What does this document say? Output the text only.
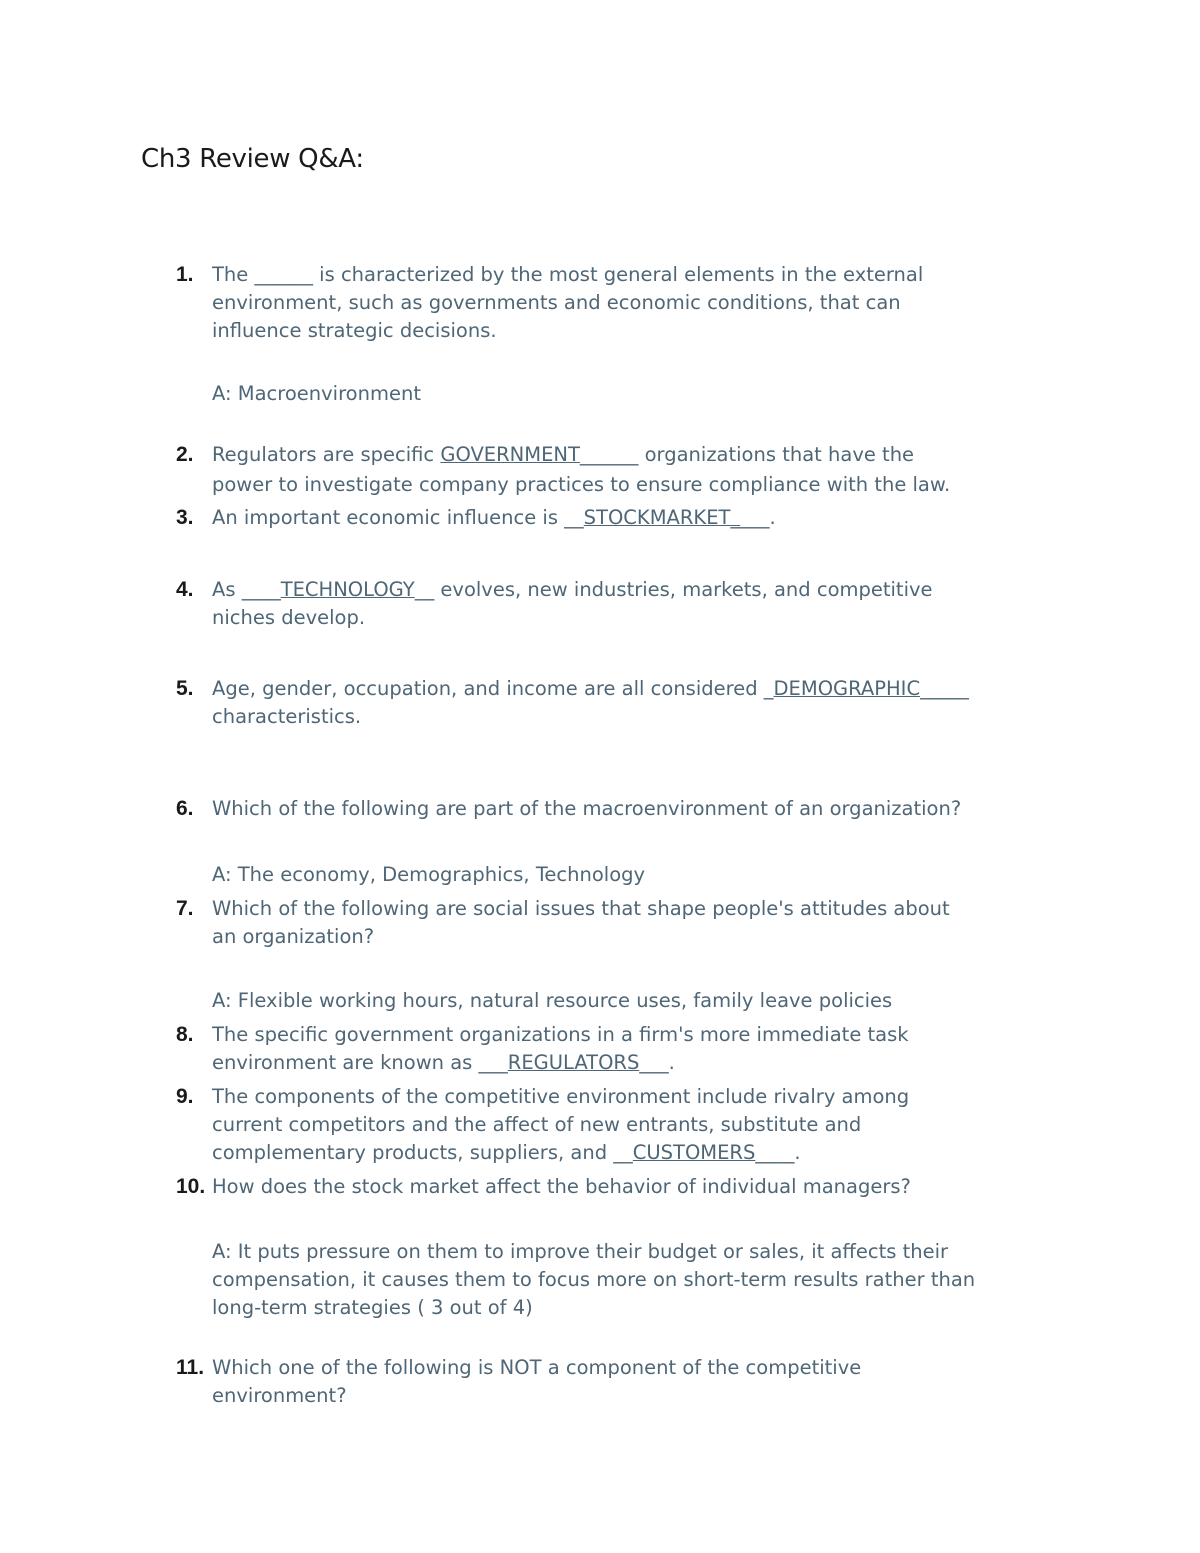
Ch3 Review Q&A:
1. The ______ is characterized by the most general elements in the external
environment, such as governments and economic conditions, that can
influence strategic decisions.
A: Macroenvironment
2. Regulators are specific GOVERNMENT______ organizations that have the
power to investigate company practices to ensure compliance with the law.
3. An important economic influence is __STOCKMARKET____.
4. As ____TECHNOLOGY__ evolves, new industries, markets, and competitive
niches develop.
5. Age, gender, occupation, and income are all considered _DEMOGRAPHIC_____
characteristics.
6. Which of the following are part of the macroenvironment of an organization?
A: The economy, Demographics, Technology
7. Which of the following are social issues that shape people's attitudes about
an organization?
A: Flexible working hours, natural resource uses, family leave policies
8. The specific government organizations in a firm's more immediate task
environment are known as ___REGULATORS___.
9. The components of the competitive environment include rivalry among
current competitors and the affect of new entrants, substitute and
complementary products, suppliers, and __CUSTOMERS____.
10. How does the stock market affect the behavior of individual managers?
A: It puts pressure on them to improve their budget or sales, it affects their
compensation, it causes them to focus more on short-term results rather than
long-term strategies ( 3 out of 4)
11. Which one of the following is NOT a component of the competitive
environment?
